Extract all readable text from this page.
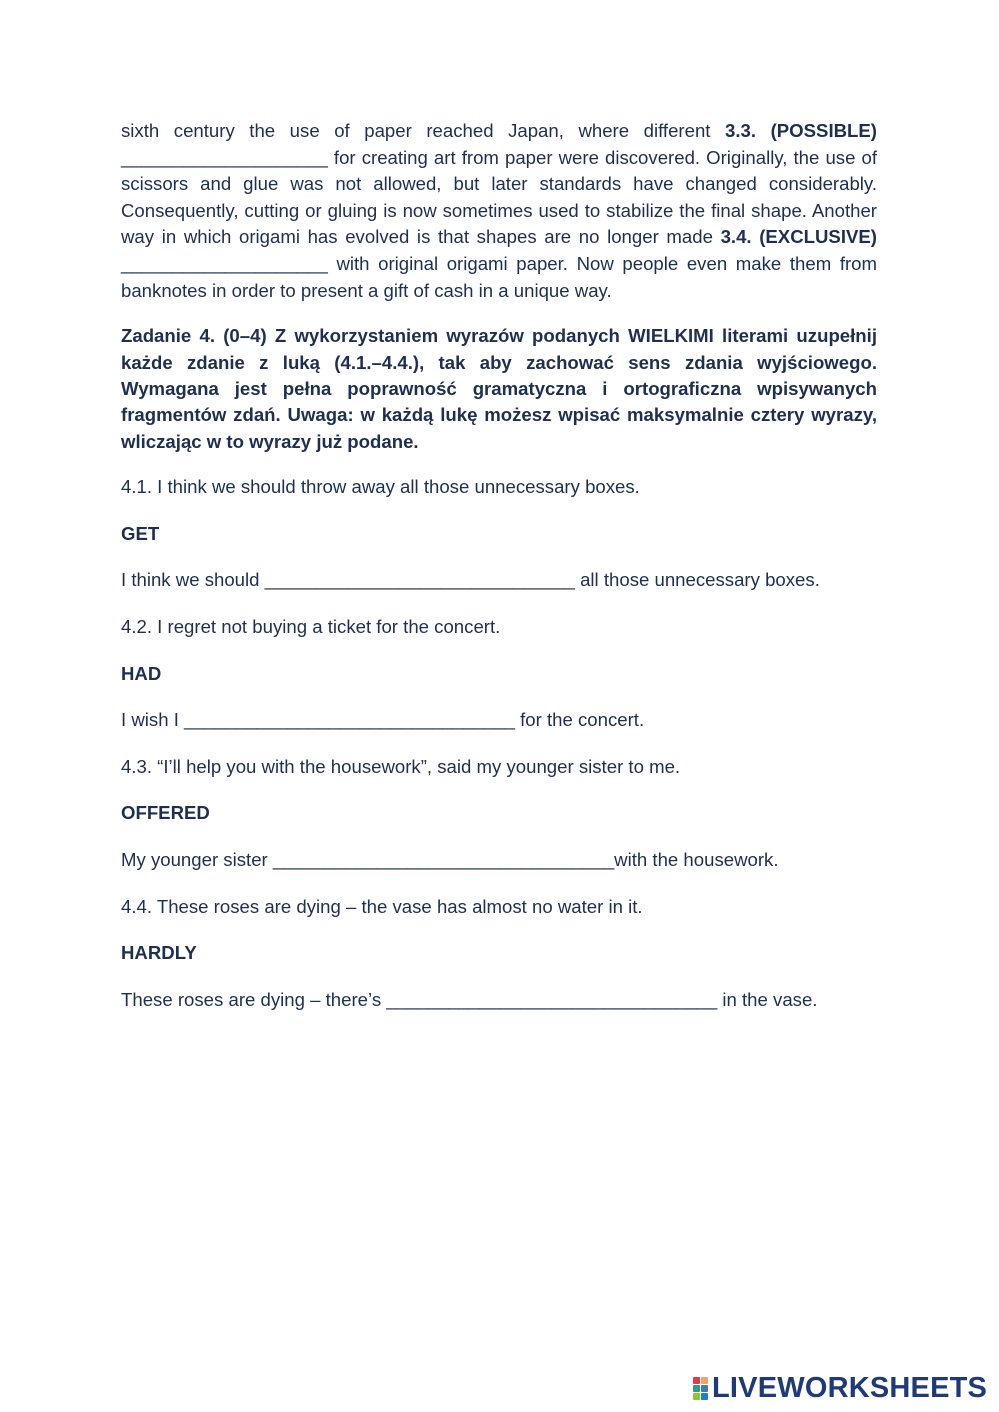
sixth century the use of paper reached Japan, where different 3.3. (POSSIBLE) ____________________ for creating art from paper were discovered. Originally, the use of scissors and glue was not allowed, but later standards have changed considerably. Consequently, cutting or gluing is now sometimes used to stabilize the final shape. Another way in which origami has evolved is that shapes are no longer made 3.4. (EXCLUSIVE) ____________________ with original origami paper. Now people even make them from banknotes in order to present a gift of cash in a unique way.

Zadanie 4. (0–4) Z wykorzystaniem wyrazów podanych WIELKIMI literami uzupełnij każde zdanie z luką (4.1.–4.4.), tak aby zachować sens zdania wyjściowego. Wymagana jest pełna poprawność gramatyczna i ortograficzna wpisywanych fragmentów zdań. Uwaga: w każdą lukę możesz wpisać maksymalnie cztery wyrazy, wliczając w to wyrazy już podane.

4.1. I think we should throw away all those unnecessary boxes.

GET

I think we should ______________________________ all those unnecessary boxes.

4.2. I regret not buying a ticket for the concert.

HAD

I wish I ________________________________ for the concert.

4.3. “I’ll help you with the housework”, said my younger sister to me.

OFFERED

My younger sister _________________________________with the housework.

4.4. These roses are dying – the vase has almost no water in it.

HARDLY

These roses are dying – there’s ________________________________ in the vase.

LIVEWORKSHEETS
